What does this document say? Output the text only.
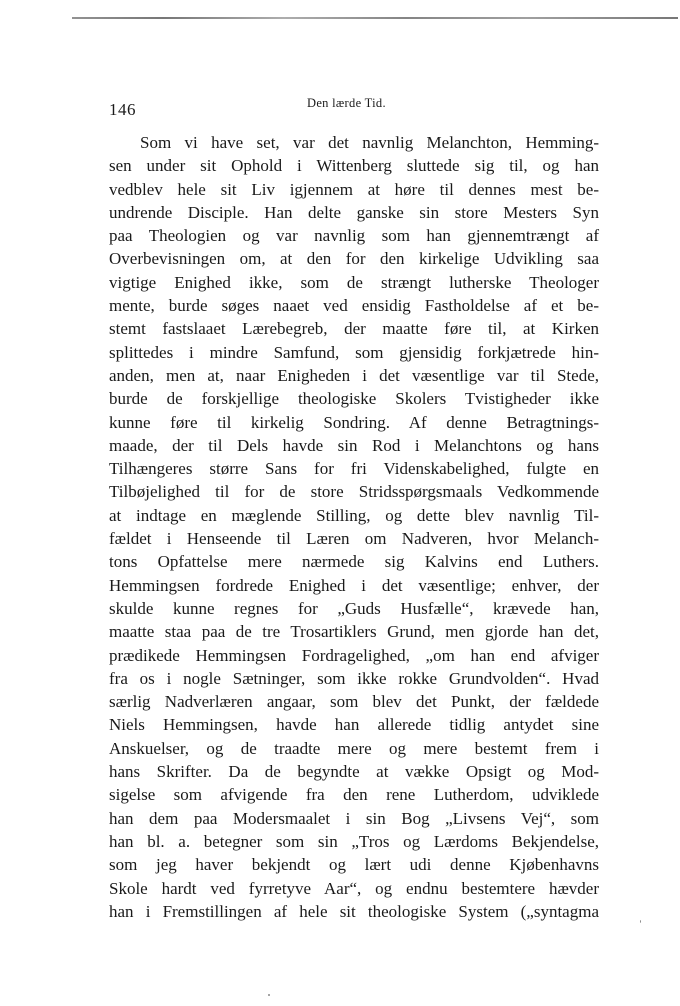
146	Den lærde Tid.
Som vi have set, var det navnlig Melanchton, Hemming-
sen under sit Ophold i Wittenberg sluttede sig til, og han
vedblev hele sit Liv igjennem at høre til dennes mest be-
undrende Disciple. Han delte ganske sin store Mesters Syn
paa Theologien og var navnlig som han gjennemtrængt af
Overbevisningen om, at den for den kirkelige Udvikling saa
vigtige Enighed ikke, som de strængt lutherske Theologer
mente, burde søges naaet ved ensidig Fastholdelse af et be-
stemt fastslaaet Lærebegreb, der maatte føre til, at Kirken
splittedes i mindre Samfund, som gjensidig forkjætrede hin-
anden, men at, naar Enigheden i det væsentlige var til Stede,
burde de forskjellige theologiske Skolers Tvistigheder ikke
kunne føre til kirkelig Sondring. Af denne Betragtnings-
maade, der til Dels havde sin Rod i Melanchtons og hans
Tilhængeres større Sans for fri Videnskabelighed, fulgte en
Tilbøjelighed til for de store Stridsspørgsmaals Vedkommende
at indtage en mæglende Stilling, og dette blev navnlig Til-
fældet i Henseende til Læren om Nadveren, hvor Melanch-
tons Opfattelse mere nærmede sig Kalvins end Luthers.
Hemmingsen fordrede Enighed i det væsentlige; enhver, der
skulde kunne regnes for „Guds Husfælle“, krævede han,
maatte staa paa de tre Trosartiklers Grund, men gjorde han det,
prædikede Hemmingsen Fordragelighed, „om han end afviger
fra os i nogle Sætninger, som ikke rokke Grundvolden“. Hvad
særlig Nadverlæren angaar, som blev det Punkt, der fældede
Niels Hemmingsen, havde han allerede tidlig antydet sine
Anskuelser, og de traadte mere og mere bestemt frem i
hans Skrifter. Da de begyndte at vække Opsigt og Mod-
sigelse som afvigende fra den rene Lutherdom, udviklede
han dem paa Modersmaalet i sin Bog „Livsens Vej“, som
han bl. a. betegner som sin „Tros og Lærdoms Bekjendelse,
som jeg haver bekjendt og lært udi denne Kjøbenhavns
Skole hardt ved fyrretyve Aar“, og endnu bestemtere hævder
han i Fremstillingen af hele sit theologiske System („syntagma
